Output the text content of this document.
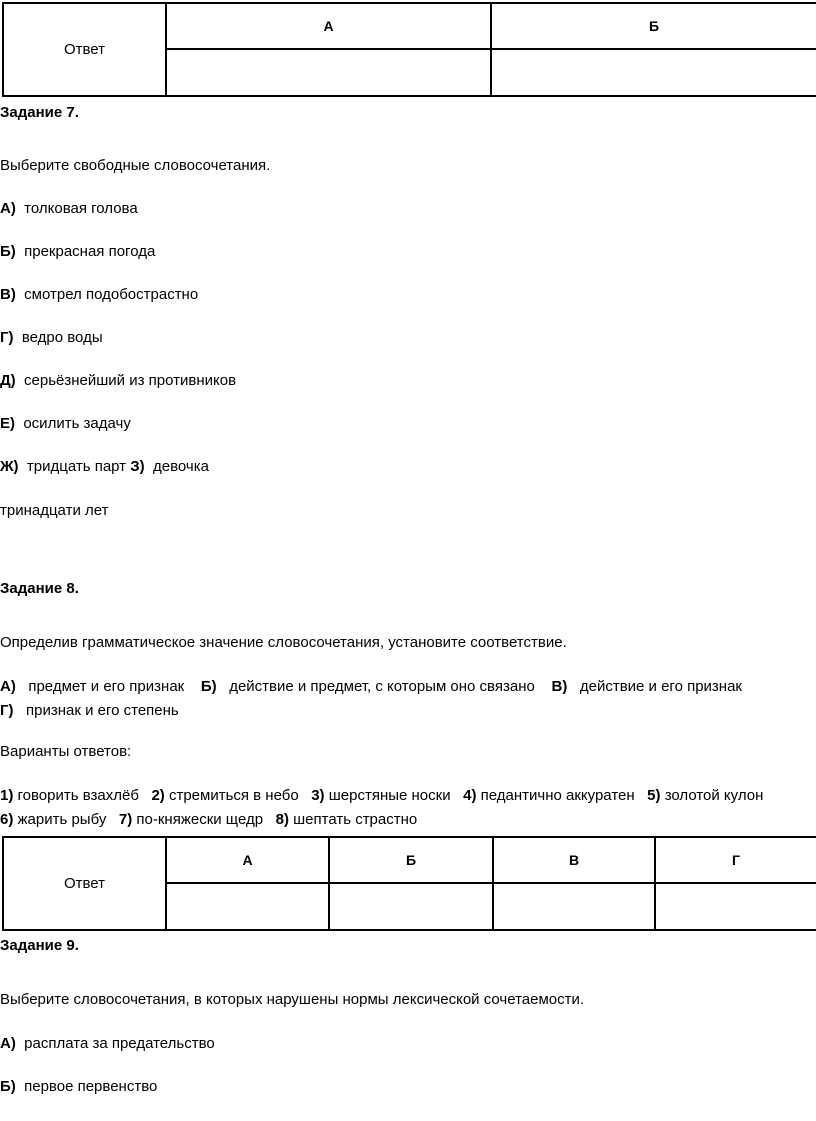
Ответ	А	Б

Задание 7.
Выберите свободные словосочетания.
А) толковая голова
Б) прекрасная погода
В) смотрел подобострастно
Г) ведро воды
Д) серьёзнейший из противников
Е) осилить задачу
Ж) тридцать парт З) девочка
тринадцати лет
Задание 8.
Определив грамматическое значение словосочетания, установите соответствие.
А) предмет и его признак Б) действие и предмет, с которым оно связано В) действие и его признак
Г) признак и его степень
Варианты ответов:
1) говорить взахлёб 2) стремиться в небо 3) шерстяные носки 4) педантично аккуратен 5) золотой кулон
6) жарить рыбу 7) по-княжески щедр 8) шептать страстно
Ответ	А	Б	В	Г

Задание 9.
Выберите словосочетания, в которых нарушены нормы лексической сочетаемости.
А) расплата за предательство
Б) первое первенство
